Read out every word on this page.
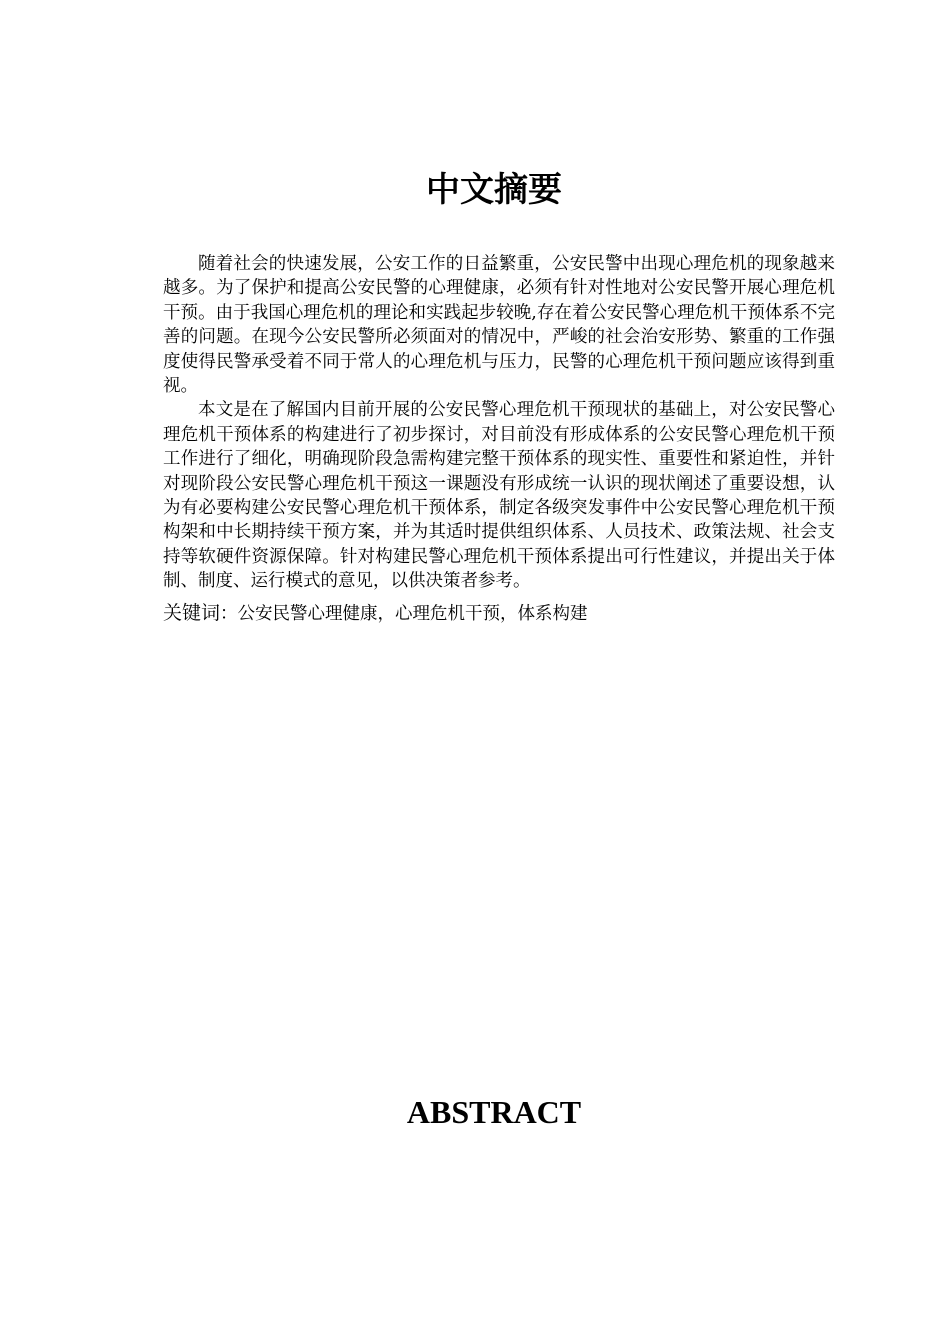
中文摘要

随着社会的快速发展，公安工作的日益繁重，公安民警中出现心理危机的现象越来越多。为了保护和提高公安民警的心理健康，必须有针对性地对公安民警开展心理危机干预。由于我国心理危机的理论和实践起步较晚,存在着公安民警心理危机干预体系不完善的问题。在现今公安民警所必须面对的情况中，严峻的社会治安形势、繁重的工作强度使得民警承受着不同于常人的心理危机与压力，民警的心理危机干预问题应该得到重视。

本文是在了解国内目前开展的公安民警心理危机干预现状的基础上，对公安民警心理危机干预体系的构建进行了初步探讨，对目前没有形成体系的公安民警心理危机干预工作进行了细化，明确现阶段急需构建完整干预体系的现实性、重要性和紧迫性，并针对现阶段公安民警心理危机干预这一课题没有形成统一认识的现状阐述了重要设想，认为有必要构建公安民警心理危机干预体系，制定各级突发事件中公安民警心理危机干预构架和中长期持续干预方案，并为其适时提供组织体系、人员技术、政策法规、社会支持等软硬件资源保障。针对构建民警心理危机干预体系提出可行性建议，并提出关于体制、制度、运行模式的意见，以供决策者参考。

关键词：公安民警心理健康，心理危机干预，体系构建

ABSTRACT
